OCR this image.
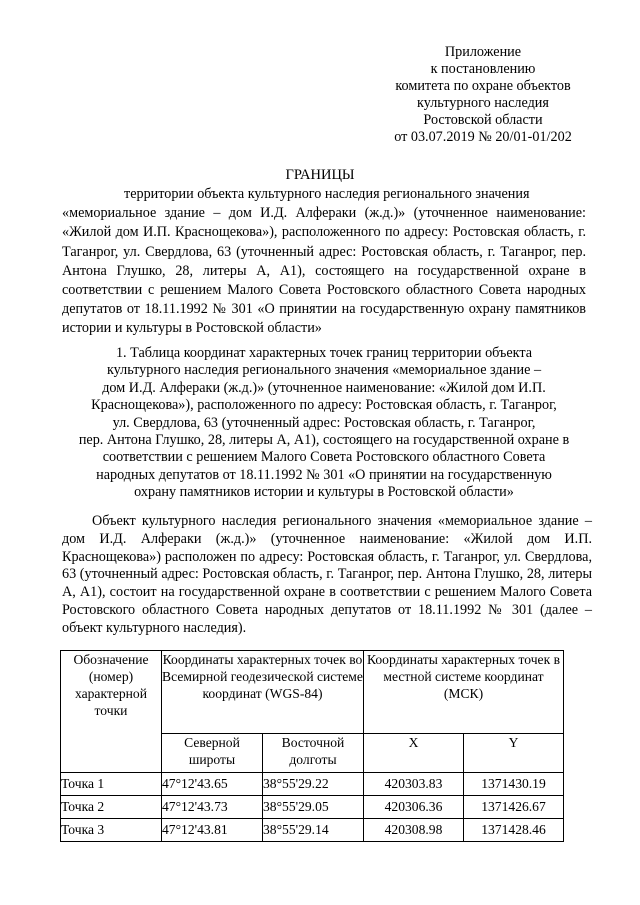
Приложение
к постановлению
комитета по охране объектов
культурного наследия
Ростовской области
от 03.07.2019 № 20/01-01/202
ГРАНИЦЫ
территории объекта культурного наследия регионального значения
«мемориальное здание – дом И.Д. Алфераки (ж.д.)» (уточненное наименование: «Жилой дом И.П. Краснощекова»), расположенного по адресу: Ростовская область, г. Таганрог, ул. Свердлова, 63 (уточненный адрес: Ростовская область, г. Таганрог, пер. Антона Глушко, 28, литеры А, А1), состоящего на государственной охране в соответствии с решением Малого Совета Ростовского областного Совета народных депутатов от 18.11.1992 № 301 «О принятии на государственную охрану памятников истории и культуры в Ростовской области»
1. Таблица координат характерных точек границ территории объекта
культурного наследия регионального значения «мемориальное здание –
дом И.Д. Алфераки (ж.д.)» (уточненное наименование: «Жилой дом И.П.
Краснощекова»), расположенного по адресу: Ростовская область, г. Таганрог,
ул. Свердлова, 63 (уточненный адрес: Ростовская область, г. Таганрог,
пер. Антона Глушко, 28, литеры А, А1), состоящего на государственной охране в
соответствии с решением Малого Совета Ростовского областного Совета
народных депутатов от 18.11.1992 № 301 «О принятии на государственную
охрану памятников истории и культуры в Ростовской области»
Объект культурного наследия регионального значения «мемориальное здание – дом И.Д. Алфераки (ж.д.)» (уточненное наименование: «Жилой дом И.П. Краснощекова») расположен по адресу: Ростовская область, г. Таганрог, ул. Свердлова, 63 (уточненный адрес: Ростовская область, г. Таганрог, пер. Антона Глушко, 28, литеры А, А1), состоит на государственной охране в соответствии с решением Малого Совета Ростовского областного Совета народных депутатов от 18.11.1992 № 301 (далее – объект культурного наследия).
Обозначение (номер) характерной точки	Координаты характерных точек во Всемирной геодезической системе координат (WGS-84)		Координаты характерных точек в местной системе координат (МСК)	
	Северной широты	Восточной долготы	X	Y
Точка 1	47°12'43.65	38°55'29.22	420303.83	1371430.19
Точка 2	47°12'43.73	38°55'29.05	420306.36	1371426.67
Точка 3	47°12'43.81	38°55'29.14	420308.98	1371428.46
